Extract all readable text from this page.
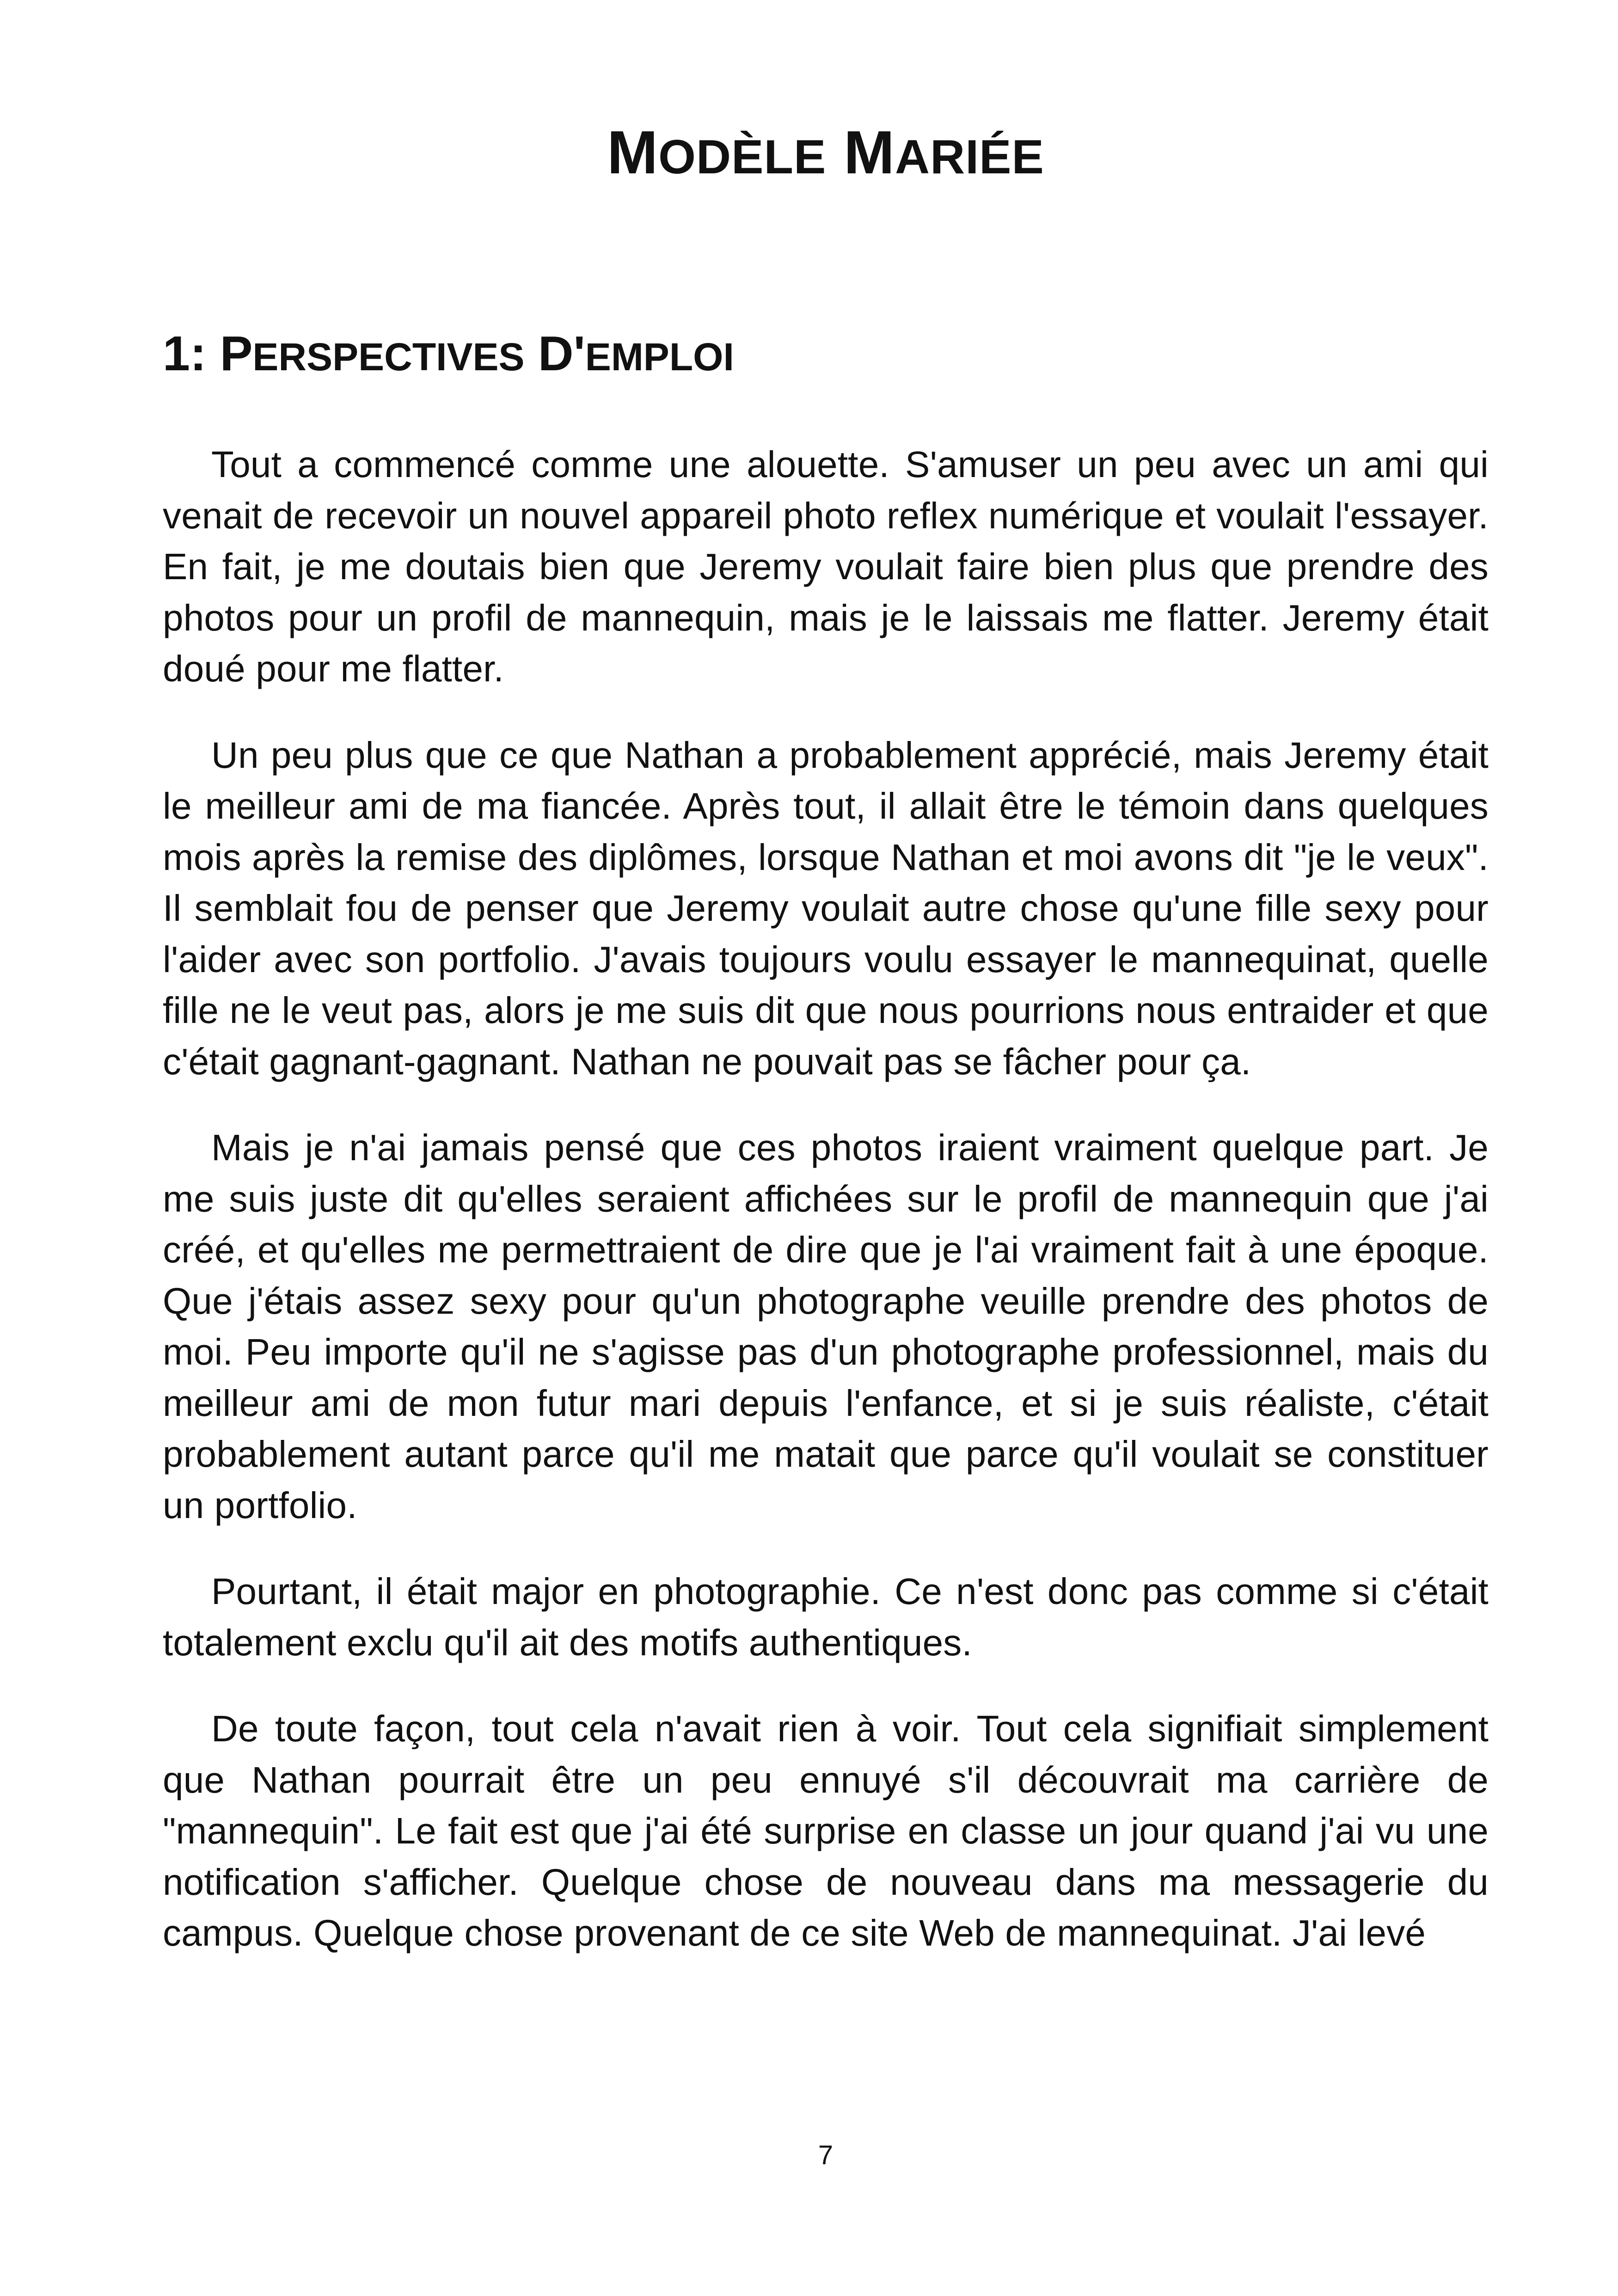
MODÈLE MARIÉE
1: PERSPECTIVES D'EMPLOI

Tout a commencé comme une alouette. S'amuser un peu avec un ami qui venait de recevoir un nouvel appareil photo reflex numérique et voulait l'essayer. En fait, je me doutais bien que Jeremy voulait faire bien plus que prendre des photos pour un profil de mannequin, mais je le laissais me flatter. Jeremy était doué pour me flatter.

Un peu plus que ce que Nathan a probablement apprécié, mais Jeremy était le meilleur ami de ma fiancée. Après tout, il allait être le témoin dans quelques mois après la remise des diplômes, lorsque Nathan et moi avons dit "je le veux". Il semblait fou de penser que Jeremy voulait autre chose qu'une fille sexy pour l'aider avec son portfolio. J'avais toujours voulu essayer le mannequinat, quelle fille ne le veut pas, alors je me suis dit que nous pourrions nous entraider et que c'était gagnant-gagnant. Nathan ne pouvait pas se fâcher pour ça.

Mais je n'ai jamais pensé que ces photos iraient vraiment quelque part. Je me suis juste dit qu'elles seraient affichées sur le profil de mannequin que j'ai créé, et qu'elles me permettraient de dire que je l'ai vraiment fait à une époque. Que j'étais assez sexy pour qu'un photographe veuille prendre des photos de moi. Peu importe qu'il ne s'agisse pas d'un photographe professionnel, mais du meilleur ami de mon futur mari depuis l'enfance, et si je suis réaliste, c'était probablement autant parce qu'il me matait que parce qu'il voulait se constituer un portfolio.

Pourtant, il était major en photographie. Ce n'est donc pas comme si c'était totalement exclu qu'il ait des motifs authentiques.

De toute façon, tout cela n'avait rien à voir. Tout cela signifiait simplement que Nathan pourrait être un peu ennuyé s'il découvrait ma carrière de "mannequin". Le fait est que j'ai été surprise en classe un jour quand j'ai vu une notification s'afficher. Quelque chose de nouveau dans ma messagerie du campus. Quelque chose provenant de ce site Web de mannequinat. J'ai levé

7
